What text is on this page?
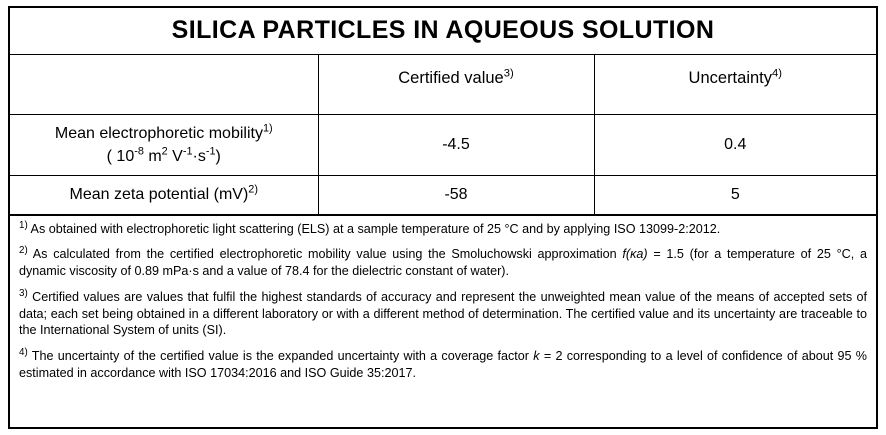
SILICA PARTICLES IN AQUEOUS SOLUTION		
	Certified value$^{3)}$	Uncertainty$^{4)}$
Mean electrophoretic mobility$^{1)}$
( $10^{-8}$ $m^2$ $V^{-1}\cdot s^{-1}$)	-4.5	0.4
Mean zeta potential (mV)$^{2)}$	-58	5

$^{1)}$ As obtained with electrophoretic light scattering (ELS) at a sample temperature of 25 °C and by applying ISO 13099-2:2012.

$^{2)}$ As calculated from the certified electrophoretic mobility value using the Smoluchowski approximation f(κa) = 1.5 (for a temperature of 25 °C, a dynamic viscosity of 0.89 mPa·s and a value of 78.4 for the dielectric constant of water).

$^{3)}$ Certified values are values that fulfil the highest standards of accuracy and represent the unweighted mean value of the means of accepted sets of data; each set being obtained in a different laboratory or with a different method of determination. The certified value and its uncertainty are traceable to the International System of units (SI).

$^{4)}$ The uncertainty of the certified value is the expanded uncertainty with a coverage factor k = 2 corresponding to a level of confidence of about 95 % estimated in accordance with ISO 17034:2016 and ISO Guide 35:2017.
